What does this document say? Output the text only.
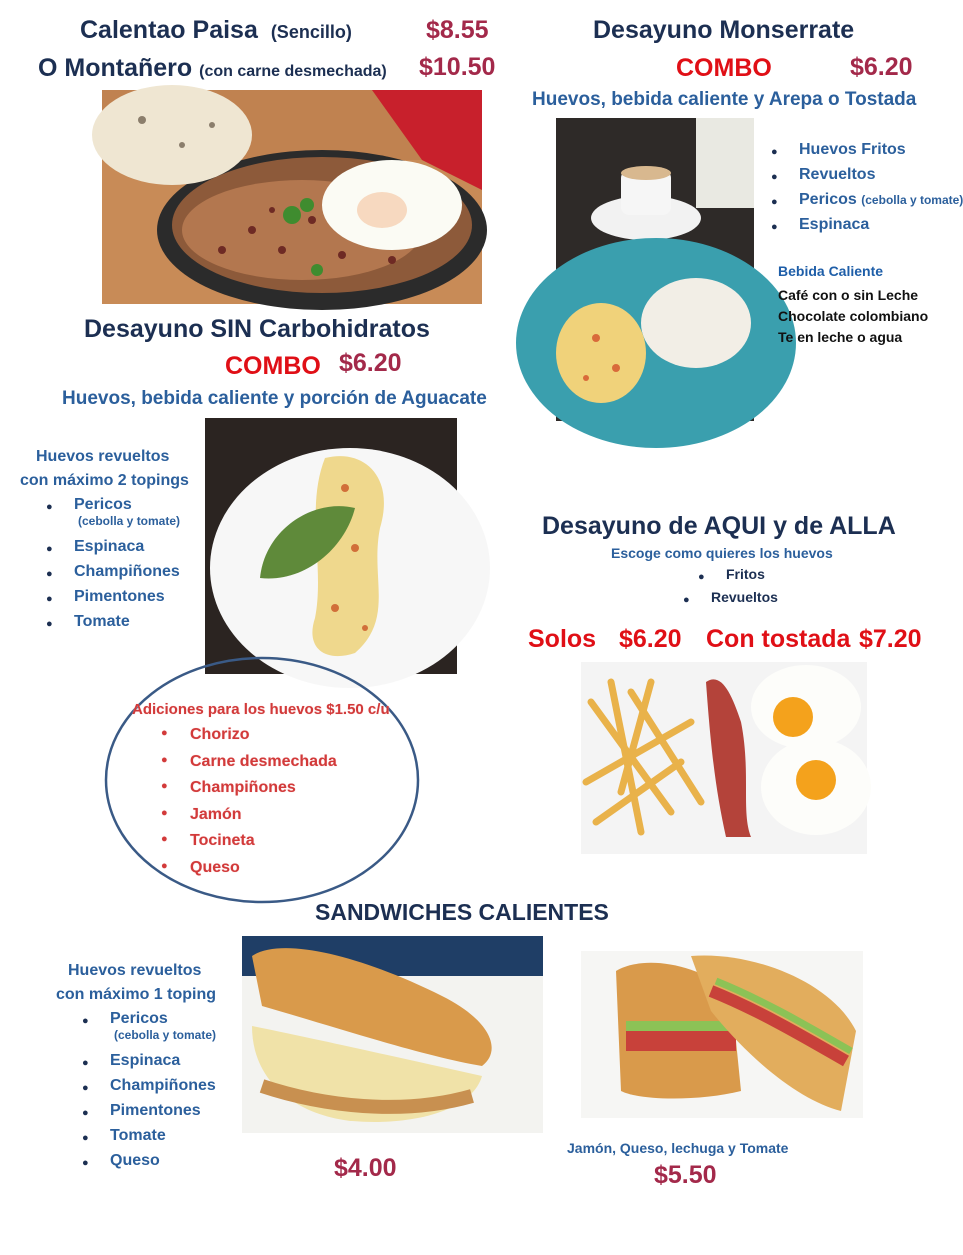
Calentao Paisa (Sencillo)	$8.55
O Montañero (con carne desmechada) $10.50
Desayuno Monserrate
COMBO	$6.20
Huevos, bebida caliente y Arepa o Tostada
● Huevos Fritos
● Revueltos
● Pericos (cebolla y tomate)
● Espinaca
Bebida Caliente
Café con o sin Leche
Chocolate colombiano
Te en leche o agua
Desayuno SIN Carbohidratos
COMBO $6.20
Huevos, bebida caliente y porción de Aguacate
Huevos revueltos
con máximo 2 topings
● Pericos
(cebolla y tomate)
● Espinaca
● Champiñones
● Pimentones
● Tomate
Adiciones para los huevos $1.50 c/u
● Chorizo
● Carne desmechada
● Champiñones
● Jamón
● Tocineta
● Queso
Desayuno de AQUI y de ALLA
Escoge como quieres los huevos
● Fritos
● Revueltos
Solos $6.20 Con tostada $7.20
SANDWICHES CALIENTES
Huevos revueltos
con máximo 1 toping
● Pericos
(cebolla y tomate)
● Espinaca
● Champiñones
● Pimentones
● Tomate
● Queso	$4.00
Jamón, Queso, lechuga y Tomate
$5.50
